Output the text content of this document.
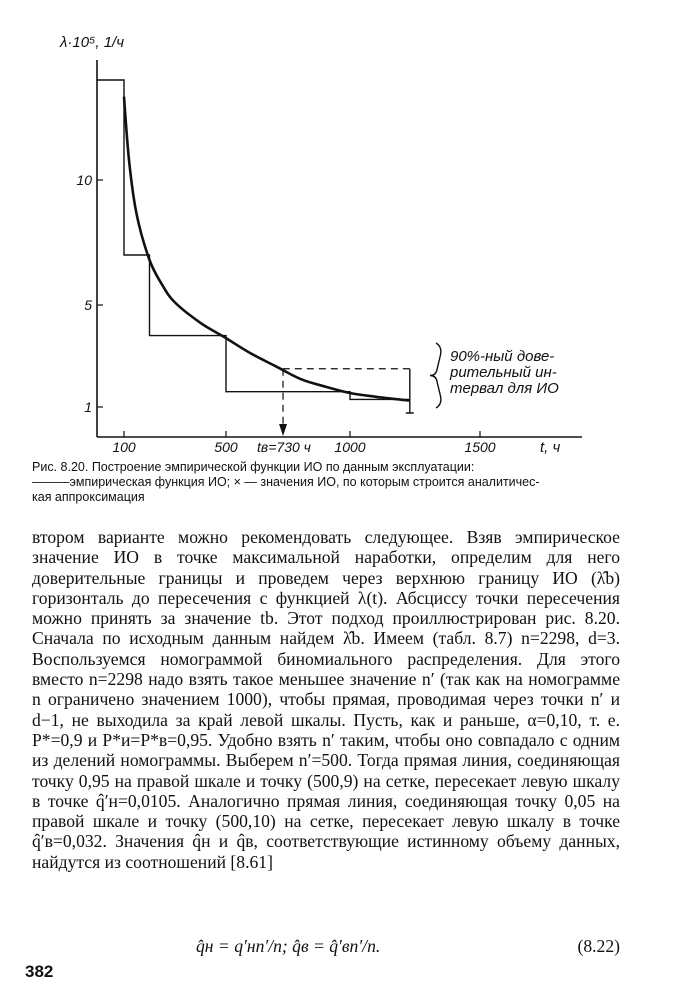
λ·10⁵, 1/ч
t, ч
100	500	1000	1500
1
5
10
tв=730 ч
90%-ный дове-
рительный ин-
тервал для ИО
Рис. 8.20. Построение эмпирической функции ИО по данным эксплуатации:
———эмпирическая функция ИО; × — значения ИО, по которым строится аналитичес-
кая аппроксимация

втором варианте можно рекомендовать следующее. Взяв эмпирическое значение ИО в точке максимальной наработки, определим для него доверительные границы и проведем через верхнюю границу ИО (λ̂b) горизонталь до пересечения с функцией λ(t). Абсциссу точки пересечения можно принять за значение tb. Этот подход проиллюстрирован рис. 8.20. Сначала по исходным данным найдем λ̂b. Имеем (табл. 8.7) n=2298, d=3. Воспользуемся номограммой биномиального распределения. Для этого вместо n=2298 надо взять такое меньшее значение n′ (так как на номограмме n ограничено значением 1000), чтобы прямая, проводимая через точки n′ и d−1, не выходила за край левой шкалы. Пусть, как и раньше, α=0,10, т. е. P*=0,9 и P*и=P*в=0,95. Удобно взять n′ таким, чтобы оно совпадало с одним из делений номограммы. Выберем n′=500. Тогда прямая линия, соединяющая точку 0,95 на правой шкале и точку (500,9) на сетке, пересекает левую шкалу в точке q̂′н=0,0105. Аналогично прямая линия, соединяющая точку 0,05 на правой шкале и точку (500,10) на сетке, пересекает левую шкалу в точке q̂′в=0,032. Значения q̂н и q̂в, соответствующие истинному объему данных, найдутся из соотношений [8.61]

q̂н = q′нn′/n; q̂в = q̂′вn′/n.	(8.22)
382
